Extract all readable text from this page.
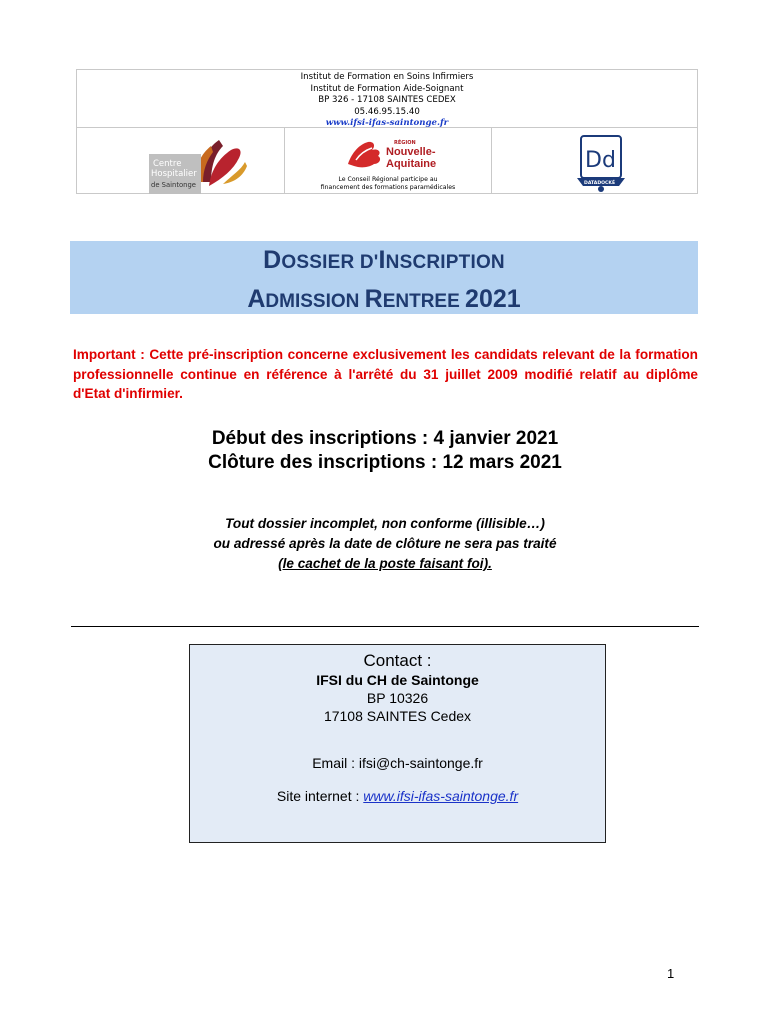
Institut de Formation en Soins Infirmiers
Institut de Formation Aide-Soignant
BP 326 - 17108 SAINTES CEDEX
05.46.95.15.40
www.ifsi-ifas-saintonge.fr
Centre
Hospitalier
de Saintonge
RÉGION
Nouvelle-
Aquitaine
Le Conseil Régional participe au
financement des formations paramédicales
Dd
DATADOCKÉ
DOSSIER D'INSCRIPTION
ADMISSION RENTREE 2021
Important : Cette pré-inscription concerne exclusivement les candidats relevant de la formation professionnelle continue en référence à l'arrêté du 31 juillet 2009 modifié relatif au diplôme d'Etat d'infirmier.
Début des inscriptions : 4 janvier 2021
Clôture des inscriptions : 12 mars 2021
Tout dossier incomplet, non conforme (illisible…)
ou adressé après la date de clôture ne sera pas traité
(le cachet de la poste faisant foi).
Contact :
IFSI du CH de Saintonge
BP 10326
17108 SAINTES Cedex
Email : ifsi@ch-saintonge.fr
Site internet : www.ifsi-ifas-saintonge.fr
1
